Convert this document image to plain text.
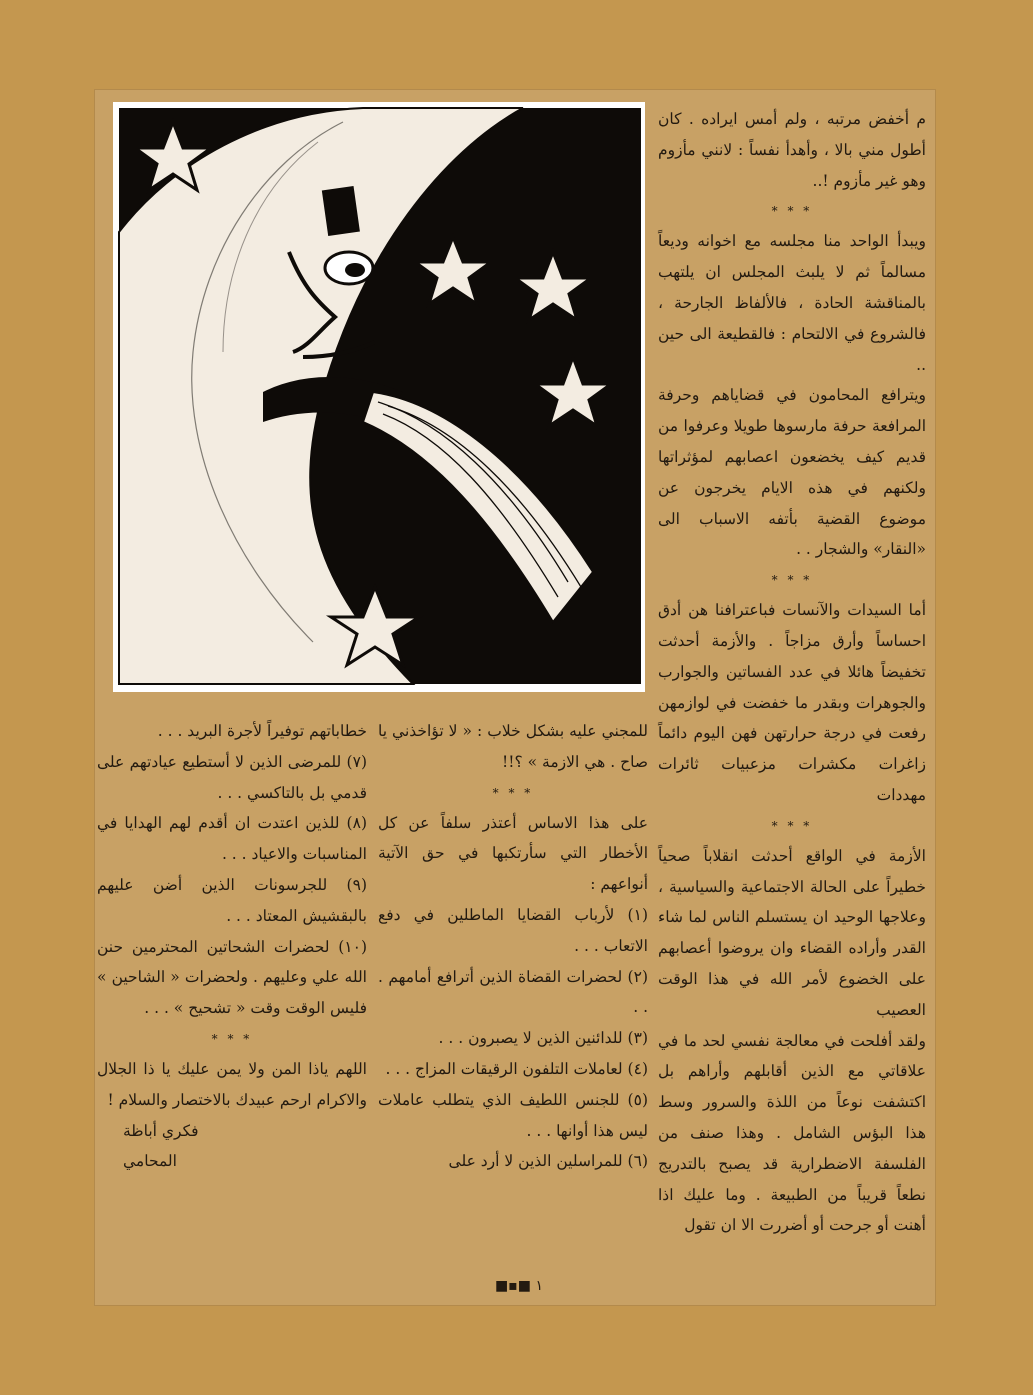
م أخفض مرتبه ، ولم أمس ايراده . كان أطول مني بالا ، وأهدأ نفساً : لانني مأزوم وهو غير مأزوم !..

* * *

ويبدأ الواحد منا مجلسه مع اخوانه وديعاً مسالماً ثم لا يلبث المجلس ان يلتهب بالمناقشة الحادة ، فالألفاظ الجارحة ، فالشروع في الالتحام : فالقطيعة الى حين ..

ويترافع المحامون في قضاياهم وحرفة المرافعة حرفة مارسوها طويلا وعرفوا من قديم كيف يخضعون اعصابهم لمؤثراتها ولكنهم في هذه الايام يخرجون عن موضوع القضية بأتفه الاسباب الى «النقار» والشجار . .

* * *

أما السيدات والآنسات فباعترافنا هن أدق احساساً وأرق مزاجاً . والأزمة أحدثت تخفيضاً هائلا في عدد الفساتين والجوارب والجوهرات وبقدر ما خفضت في لوازمهن رفعت في درجة حرارتهن فهن اليوم دائماً زاغرات مكشرات مزعبيات ثائرات مهددات

* * *

الأزمة في الواقع أحدثت انقلاباً صحياً خطيراً على الحالة الاجتماعية والسياسية ، وعلاجها الوحيد ان يستسلم الناس لما شاء القدر وأراده القضاء وان يروضوا أعصابهم على الخضوع لأمر الله في هذا الوقت العصيب

ولقد أفلحت في معالجة نفسي لحد ما في علاقاتي مع الذين أقابلهم وأراهم بل اكتشفت نوعاً من اللذة والسرور وسط هذا البؤس الشامل . وهذا صنف من الفلسفة الاضطرارية قد يصبح بالتدريج نطعاً قريباً من الطبيعة . وما عليك اذا أهنت أو جرحت أو أضررت الا ان تقول

للمجني عليه بشكل خلاب : « لا تؤاخذني يا صاح . هي الازمة » ؟!!

* * *

على هذا الاساس أعتذر سلفاً عن كل الأخطار التي سأرتكبها في حق الآتية أنواعهم :

(١) لأرباب القضايا الماطلين في دفع الاتعاب . . .

(٢) لحضرات القضاة الذين أترافع أمامهم . . .

(٣) للدائنين الذين لا يصبرون . . .

(٤) لعاملات التلفون الرقيقات المزاج . . .

(٥) للجنس اللطيف الذي يتطلب عاملات ليس هذا أوانها . . .

(٦) للمراسلين الذين لا أرد على

خطاباتهم توفيراً لأجرة البريد . . .

(٧) للمرضى الذين لا أستطيع عيادتهم على قدمي بل بالتاكسي . . .

(٨) للذين اعتدت ان أقدم لهم الهدايا في المناسبات والاعياد . . .

(٩) للجرسونات الذين أضن عليهم بالبقشيش المعتاد . . .

(١٠) لحضرات الشحاتين المحترمين حنن الله علي وعليهم . ولحضرات « الشاحين » فليس الوقت وقت « تشحيح » . . .

* * *

اللهم ياذا المن ولا يمن عليك يا ذا الجلال والاكرام ارحم عبيدك بالاختصار والسلام !

فكري أباظة

المحامي

١ ■▪■
